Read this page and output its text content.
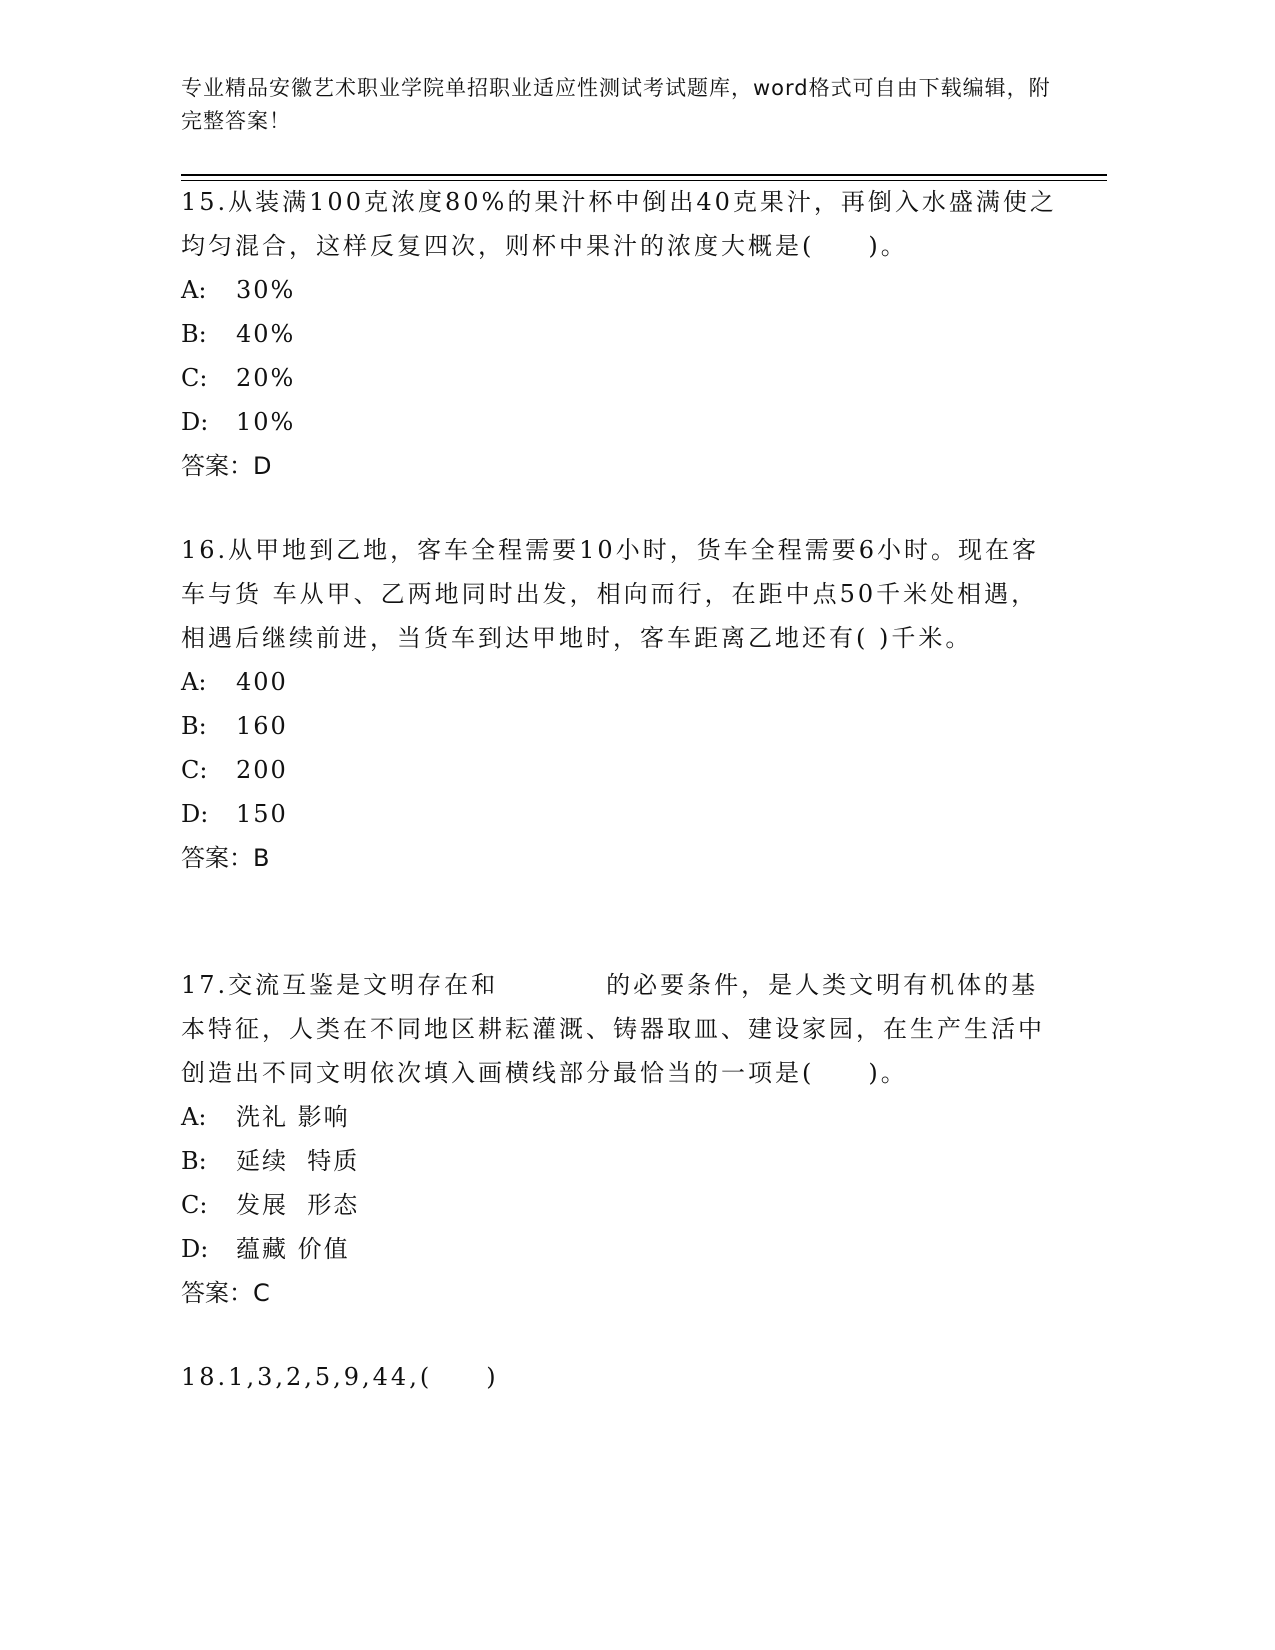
专业精品安徽艺术职业学院单招职业适应性测试考试题库，word格式可自由下载编辑，附完整答案！

15.从装满100克浓度80%的果汁杯中倒出40克果汁，再倒入水盛满使之均匀混合，这样反复四次，则杯中果汁的浓度大概是(　　)。

A:	30%
B:	40%
C:	20%
D:	10%
答案：D

16.从甲地到乙地，客车全程需要10小时，货车全程需要6小时。现在客车与货 车从甲、乙两地同时出发，相向而行，在距中点50千米处相遇，相遇后继续前进，当货车到达甲地时，客车距离乙地还有( )千米。

A:	400
B:	160
C:	200
D:	150
答案：B

17.交流互鉴是文明存在和　　　　的必要条件，是人类文明有机体的基本特征，人类在不同地区耕耘灌溉、铸器取皿、建设家园，在生产生活中创造出不同文明依次填入画横线部分最恰当的一项是(　　)。

A:	洗礼 影响
B:	延续  特质
C:	发展  形态
D:	蕴藏 价值
答案：C

18.1,3,2,5,9,44,(　　)
